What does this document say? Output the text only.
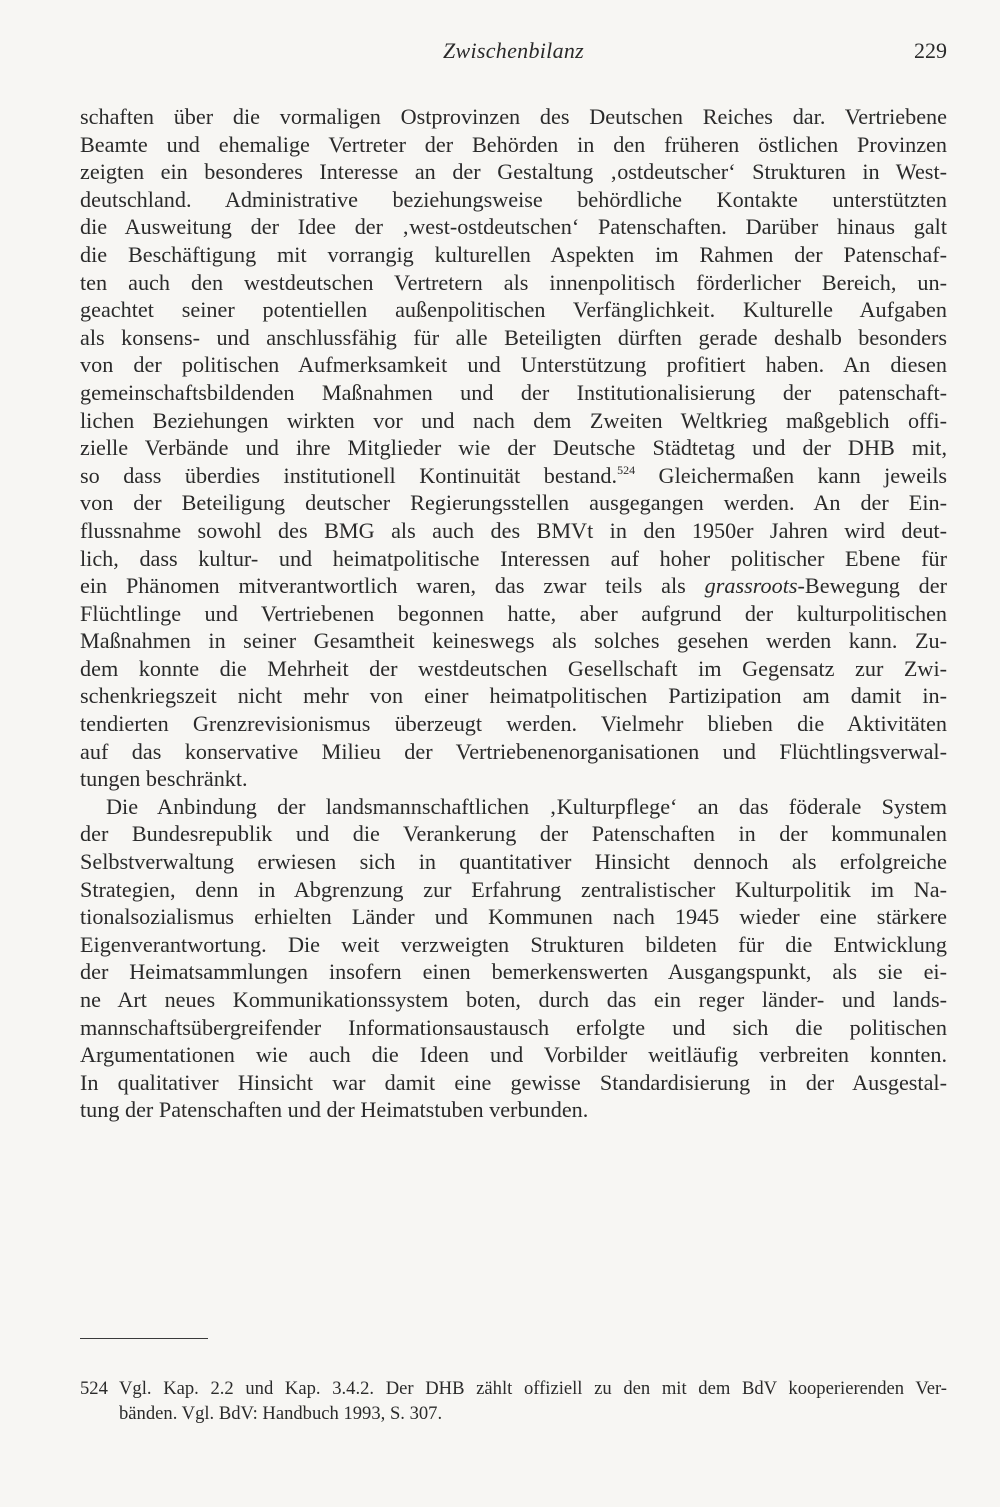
Zwischenbilanz	229
schaften über die vormaligen Ostprovinzen des Deutschen Reiches dar. Vertriebene
Beamte und ehemalige Vertreter der Behörden in den früheren östlichen Provinzen
zeigten ein besonderes Interesse an der Gestaltung ‚ostdeutscher‘ Strukturen in West-
deutschland. Administrative beziehungsweise behördliche Kontakte unterstützten
die Ausweitung der Idee der ‚west-ostdeutschen‘ Patenschaften. Darüber hinaus galt
die Beschäftigung mit vorrangig kulturellen Aspekten im Rahmen der Patenschaf-
ten auch den westdeutschen Vertretern als innenpolitisch förderlicher Bereich, un-
geachtet seiner potentiellen außenpolitischen Verfänglichkeit. Kulturelle Aufgaben
als konsens- und anschlussfähig für alle Beteiligten dürften gerade deshalb besonders
von der politischen Aufmerksamkeit und Unterstützung profitiert haben. An diesen
gemeinschaftsbildenden Maßnahmen und der Institutionalisierung der patenschaft-
lichen Beziehungen wirkten vor und nach dem Zweiten Weltkrieg maßgeblich offi-
zielle Verbände und ihre Mitglieder wie der Deutsche Städtetag und der DHB mit,
so dass überdies institutionell Kontinuität bestand.$^{524}$ Gleichermaßen kann jeweils
von der Beteiligung deutscher Regierungsstellen ausgegangen werden. An der Ein-
flussnahme sowohl des BMG als auch des BMVt in den 1950er Jahren wird deut-
lich, dass kultur- und heimatpolitische Interessen auf hoher politischer Ebene für
ein Phänomen mitverantwortlich waren, das zwar teils als grassroots-Bewegung der
Flüchtlinge und Vertriebenen begonnen hatte, aber aufgrund der kulturpolitischen
Maßnahmen in seiner Gesamtheit keineswegs als solches gesehen werden kann. Zu-
dem konnte die Mehrheit der westdeutschen Gesellschaft im Gegensatz zur Zwi-
schenkriegszeit nicht mehr von einer heimatpolitischen Partizipation am damit in-
tendierten Grenzrevisionismus überzeugt werden. Vielmehr blieben die Aktivitäten
auf das konservative Milieu der Vertriebenenorganisationen und Flüchtlingsverwal-
tungen beschränkt.
Die Anbindung der landsmannschaftlichen ‚Kulturpflege‘ an das föderale System
der Bundesrepublik und die Verankerung der Patenschaften in der kommunalen
Selbstverwaltung erwiesen sich in quantitativer Hinsicht dennoch als erfolgreiche
Strategien, denn in Abgrenzung zur Erfahrung zentralistischer Kulturpolitik im Na-
tionalsozialismus erhielten Länder und Kommunen nach 1945 wieder eine stärkere
Eigenverantwortung. Die weit verzweigten Strukturen bildeten für die Entwicklung
der Heimatsammlungen insofern einen bemerkenswerten Ausgangspunkt, als sie ei-
ne Art neues Kommunikationssystem boten, durch das ein reger länder- und lands-
mannschaftsübergreifender Informationsaustausch erfolgte und sich die politischen
Argumentationen wie auch die Ideen und Vorbilder weitläufig verbreiten konnten.
In qualitativer Hinsicht war damit eine gewisse Standardisierung in der Ausgestal-
tung der Patenschaften und der Heimatstuben verbunden.
524 Vgl. Kap. 2.2 und Kap. 3.4.2. Der DHB zählt offiziell zu den mit dem BdV kooperierenden Ver-
bänden. Vgl. BdV: Handbuch 1993, S. 307.
